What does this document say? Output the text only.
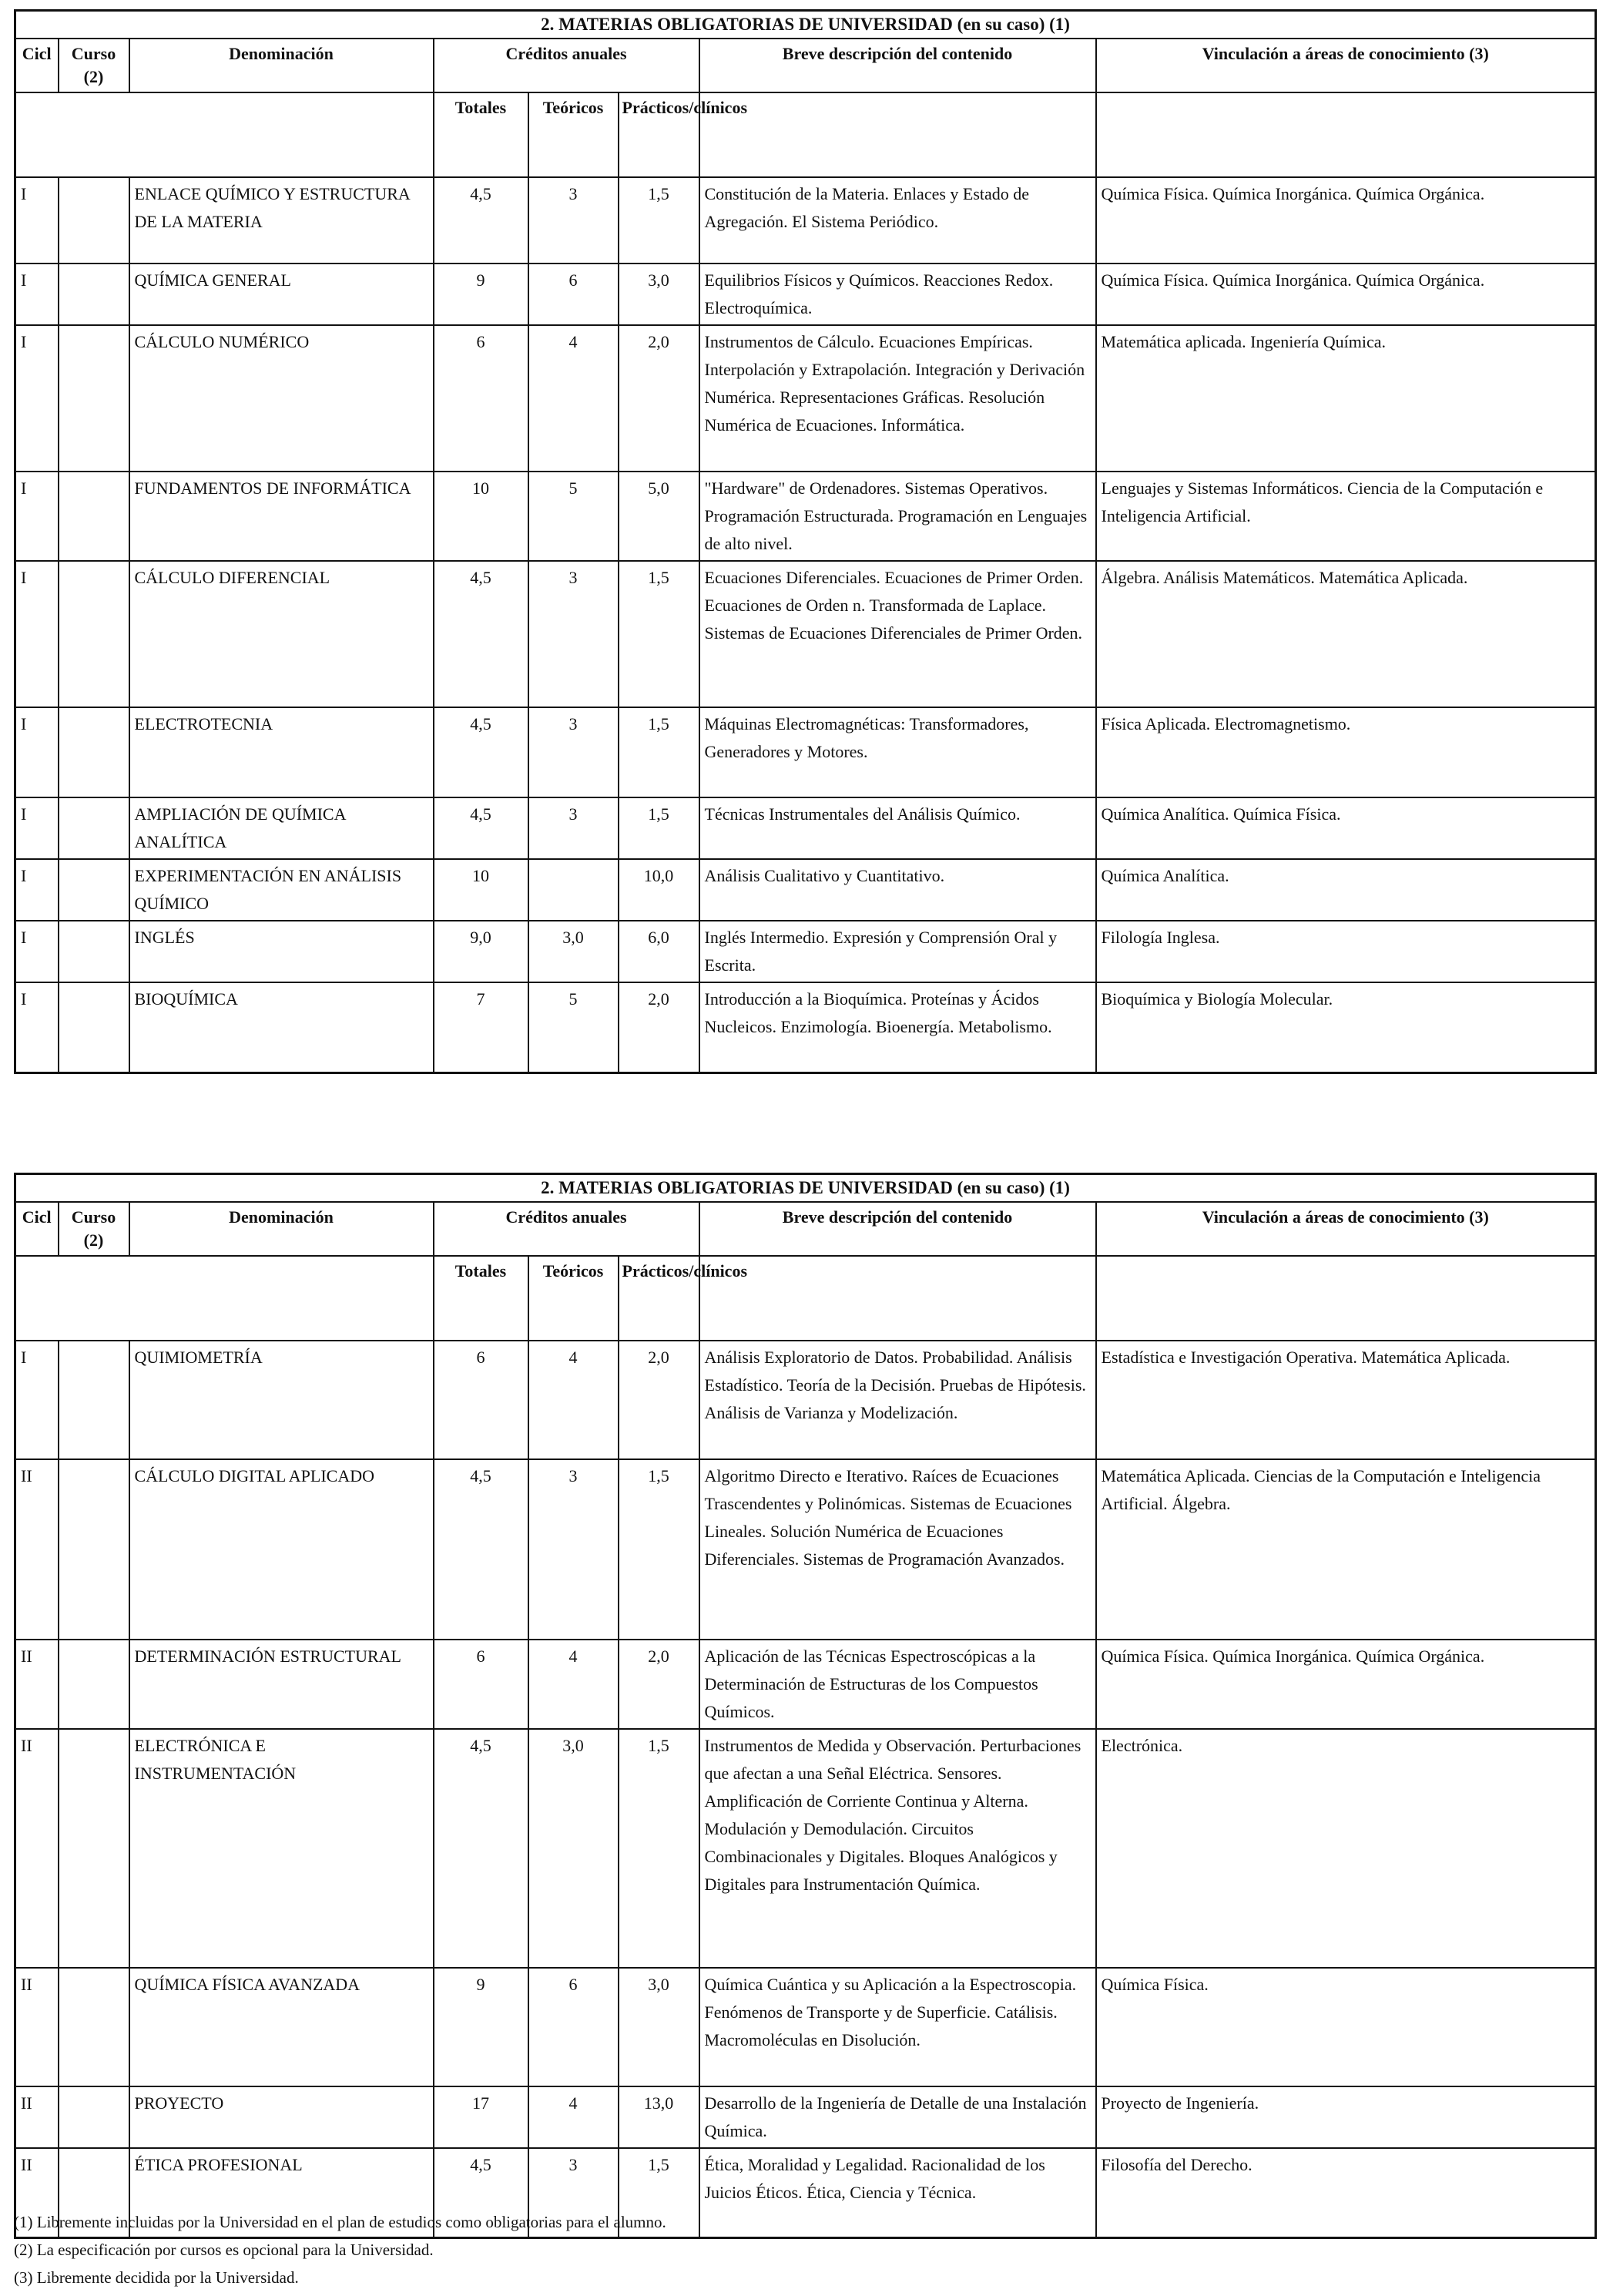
2. MATERIAS OBLIGATORIAS DE UNIVERSIDAD (en su caso) (1)							
Cicl	Curso (2)	Denominación	Créditos anuales			Breve descripción del contenido	Vinculación a áreas de conocimiento (3)
			Totales	Teóricos	Prácticos/clínicos		
I		ENLACE QUÍMICO Y ESTRUCTURA DE LA MATERIA	4,5	3	1,5	Constitución de la Materia. Enlaces y Estado de Agregación. El Sistema Periódico.	Química Física. Química Inorgánica. Química Orgánica.
I		QUÍMICA GENERAL	9	6	3,0	Equilibrios Físicos y Químicos. Reacciones Redox. Electroquímica.	Química Física. Química Inorgánica. Química Orgánica.
I		CÁLCULO NUMÉRICO	6	4	2,0	Instrumentos de Cálculo. Ecuaciones Empíricas. Interpolación y Extrapolación. Integración y Derivación Numérica. Representaciones Gráficas. Resolución Numérica de Ecuaciones. Informática.	Matemática aplicada. Ingeniería Química.
I		FUNDAMENTOS DE INFORMÁTICA	10	5	5,0	"Hardware" de Ordenadores. Sistemas Operativos. Programación Estructurada. Programación en Lenguajes de alto nivel.	Lenguajes y Sistemas Informáticos. Ciencia de la Computación e Inteligencia Artificial.
I		CÁLCULO DIFERENCIAL	4,5	3	1,5	Ecuaciones Diferenciales. Ecuaciones de Primer Orden. Ecuaciones de Orden n. Transformada de Laplace. Sistemas de Ecuaciones Diferenciales de Primer Orden.	Álgebra. Análisis Matemáticos. Matemática Aplicada.
I		ELECTROTECNIA	4,5	3	1,5	Máquinas Electromagnéticas: Transformadores, Generadores y Motores.	Física Aplicada. Electromagnetismo.
I		AMPLIACIÓN DE QUÍMICA ANALÍTICA	4,5	3	1,5	Técnicas Instrumentales del Análisis Químico.	Química Analítica. Química Física.
I		EXPERIMENTACIÓN EN ANÁLISIS QUÍMICO	10		10,0	Análisis Cualitativo y Cuantitativo.	Química Analítica.
I		INGLÉS	9,0	3,0	6,0	Inglés Intermedio. Expresión y Comprensión Oral y Escrita.	Filología Inglesa.
I		BIOQUÍMICA	7	5	2,0	Introducción a la Bioquímica. Proteínas y Ácidos Nucleicos. Enzimología. Bioenergía. Metabolismo.	Bioquímica y Biología Molecular.
2. MATERIAS OBLIGATORIAS DE UNIVERSIDAD (en su caso) (1)							
Cicl	Curso (2)	Denominación	Créditos anuales			Breve descripción del contenido	Vinculación a áreas de conocimiento (3)
			Totales	Teóricos	Prácticos/clínicos		
I		QUIMIOMETRÍA	6	4	2,0	Análisis Exploratorio de Datos. Probabilidad. Análisis Estadístico. Teoría de la Decisión. Pruebas de Hipótesis. Análisis de Varianza y Modelización.	Estadística e Investigación Operativa. Matemática Aplicada.
II		CÁLCULO DIGITAL APLICADO	4,5	3	1,5	Algoritmo Directo e Iterativo. Raíces de Ecuaciones Trascendentes y Polinómicas. Sistemas de Ecuaciones Lineales. Solución Numérica de Ecuaciones Diferenciales. Sistemas de Programación Avanzados.	Matemática Aplicada. Ciencias de la Computación e Inteligencia Artificial. Álgebra.
II		DETERMINACIÓN ESTRUCTURAL	6	4	2,0	Aplicación de las Técnicas Espectroscópicas a la Determinación de Estructuras de los Compuestos Químicos.	Química Física. Química Inorgánica. Química Orgánica.
II		ELECTRÓNICA E INSTRUMENTACIÓN	4,5	3,0	1,5	Instrumentos de Medida y Observación. Perturbaciones que afectan a una Señal Eléctrica. Sensores. Amplificación de Corriente Continua y Alterna. Modulación y Demodulación. Circuitos Combinacionales y Digitales. Bloques Analógicos y Digitales para Instrumentación Química.	Electrónica.
II		QUÍMICA FÍSICA AVANZADA	9	6	3,0	Química Cuántica y su Aplicación a la Espectroscopia. Fenómenos de Transporte y de Superficie. Catálisis. Macromoléculas en Disolución.	Química Física.
II		PROYECTO	17	4	13,0	Desarrollo de la Ingeniería de Detalle de una Instalación Química.	Proyecto de Ingeniería.
II		ÉTICA PROFESIONAL	4,5	3	1,5	Ética, Moralidad y Legalidad. Racionalidad de los Juicios Éticos. Ética, Ciencia y Técnica.	Filosofía del Derecho.
(1) Libremente incluidas por la Universidad en el plan de estudios como obligatorias para el alumno.
(2) La especificación por cursos es opcional para la Universidad.
(3) Libremente decidida por la Universidad.
